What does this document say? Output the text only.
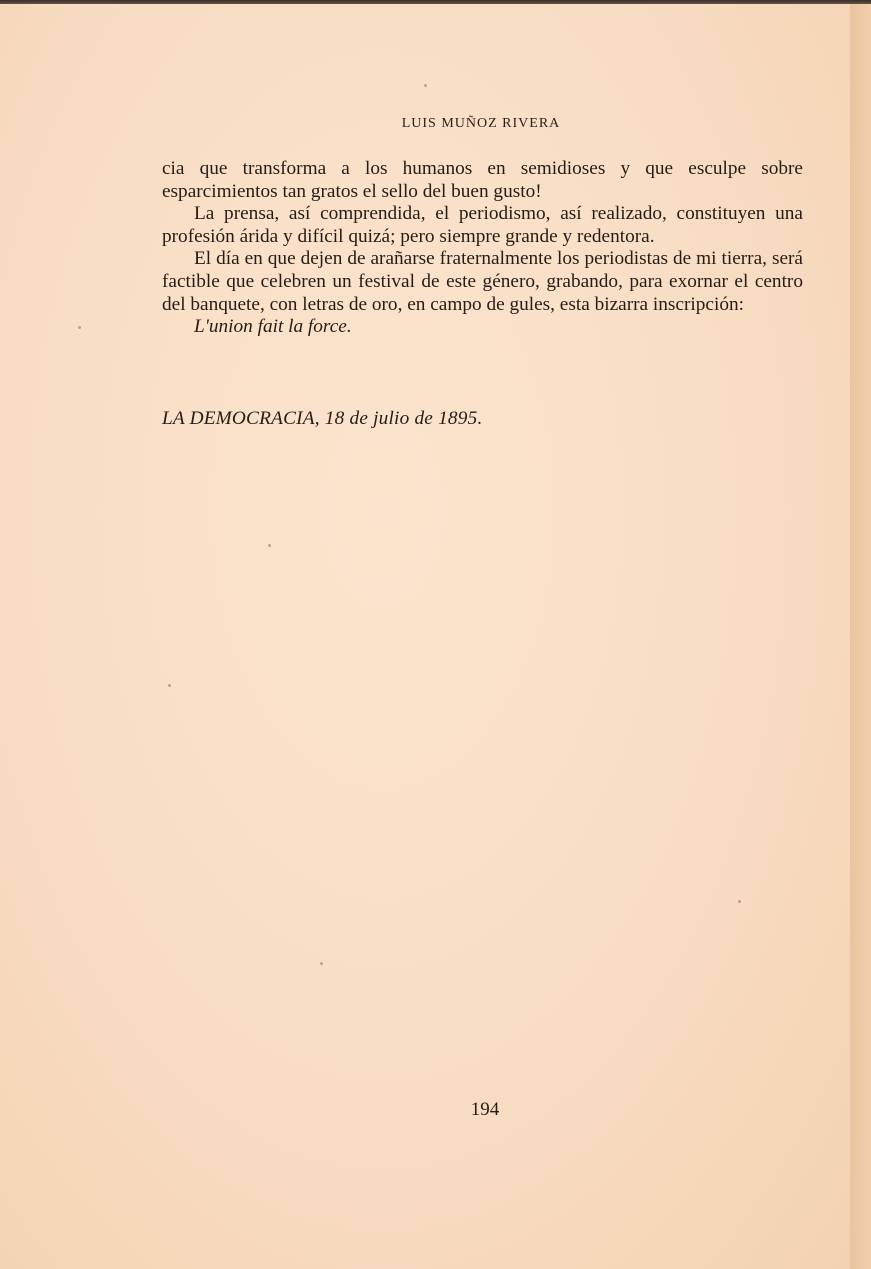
LUIS MUÑOZ RIVERA

cia que transforma a los humanos en semidioses y que esculpe sobre esparcimientos tan gratos el sello del buen gusto!

La prensa, así comprendida, el periodismo, así realizado, constituyen una profesión árida y difícil quizá; pero siempre grande y redentora.

El día en que dejen de arañarse fraternalmente los periodistas de mi tierra, será factible que celebren un festival de este género, grabando, para exornar el centro del banquete, con letras de oro, en campo de gules, esta bizarra inscripción:

L'union fait la force.

LA DEMOCRACIA, 18 de julio de 1895.
194
